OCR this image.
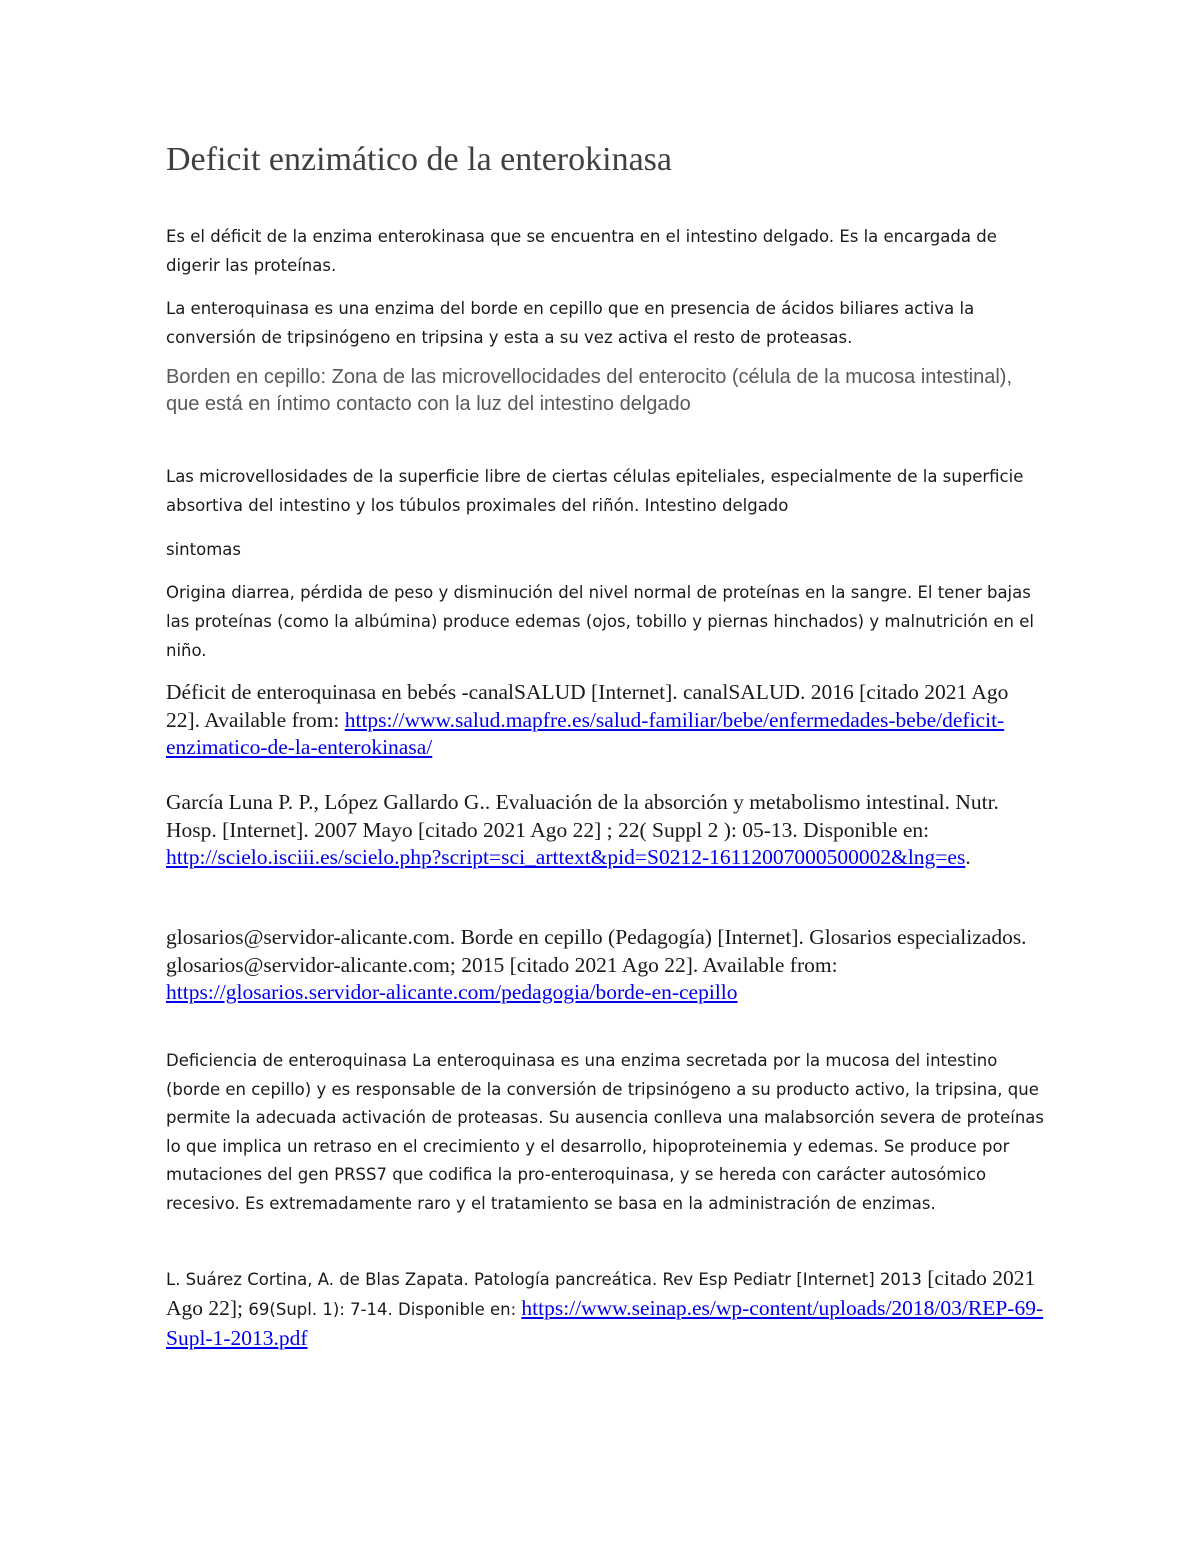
Deficit enzimático de la enterokinasa

Es el déficit de la enzima enterokinasa que se encuentra en el intestino delgado. Es la encargada de digerir las proteínas.

La enteroquinasa es una enzima del borde en cepillo que en presencia de ácidos biliares activa la conversión de tripsinógeno en tripsina y esta a su vez activa el resto de proteasas.

Borden en cepillo: Zona de las microvellocidades del enterocito (célula de la mucosa intestinal), que está en íntimo contacto con la luz del intestino delgado

Las microvellosidades de la superficie libre de ciertas células epiteliales, especialmente de la superficie absortiva del intestino y los túbulos proximales del riñón. Intestino delgado

sintomas

Origina diarrea, pérdida de peso y disminución del nivel normal de proteínas en la sangre. El tener bajas las proteínas (como la albúmina) produce edemas (ojos, tobillo y piernas hinchados) y malnutrición en el niño.

Déficit de enteroquinasa en bebés -canalSALUD [Internet]. canalSALUD. 2016 [citado 2021 Ago 22]. Available from: https://www.salud.mapfre.es/salud-familiar/bebe/enfermedades-bebe/deficit-enzimatico-de-la-enterokinasa/

García Luna P. P., López Gallardo G.. Evaluación de la absorción y metabolismo intestinal. Nutr. Hosp. [Internet]. 2007 Mayo [citado 2021 Ago 22] ; 22( Suppl 2 ): 05-13. Disponible en: http://scielo.isciii.es/scielo.php?script=sci_arttext&pid=S0212-16112007000500002&lng=es.

glosarios@servidor-alicante.com. Borde en cepillo (Pedagogía) [Internet]. Glosarios especializados. glosarios@servidor-alicante.com; 2015 [citado 2021 Ago 22]. Available from: https://glosarios.servidor-alicante.com/pedagogia/borde-en-cepillo

Deficiencia de enteroquinasa La enteroquinasa es una enzima secretada por la mucosa del intestino (borde en cepillo) y es responsable de la conversión de tripsinógeno a su producto activo, la tripsina, que permite la adecuada activación de proteasas. Su ausencia conlleva una malabsorción severa de proteínas lo que implica un retraso en el crecimiento y el desarrollo, hipoproteinemia y edemas. Se produce por mutaciones del gen PRSS7 que codifica la pro-enteroquinasa, y se hereda con carácter autosómico recesivo. Es extremadamente raro y el tratamiento se basa en la administración de enzimas.

L. Suárez Cortina, A. de Blas Zapata. Patología pancreática. Rev Esp Pediatr [Internet] 2013 [citado 2021 Ago 22]; 69(Supl. 1): 7-14. Disponible en: https://www.seinap.es/wp-content/uploads/2018/03/REP-69-Supl-1-2013.pdf
